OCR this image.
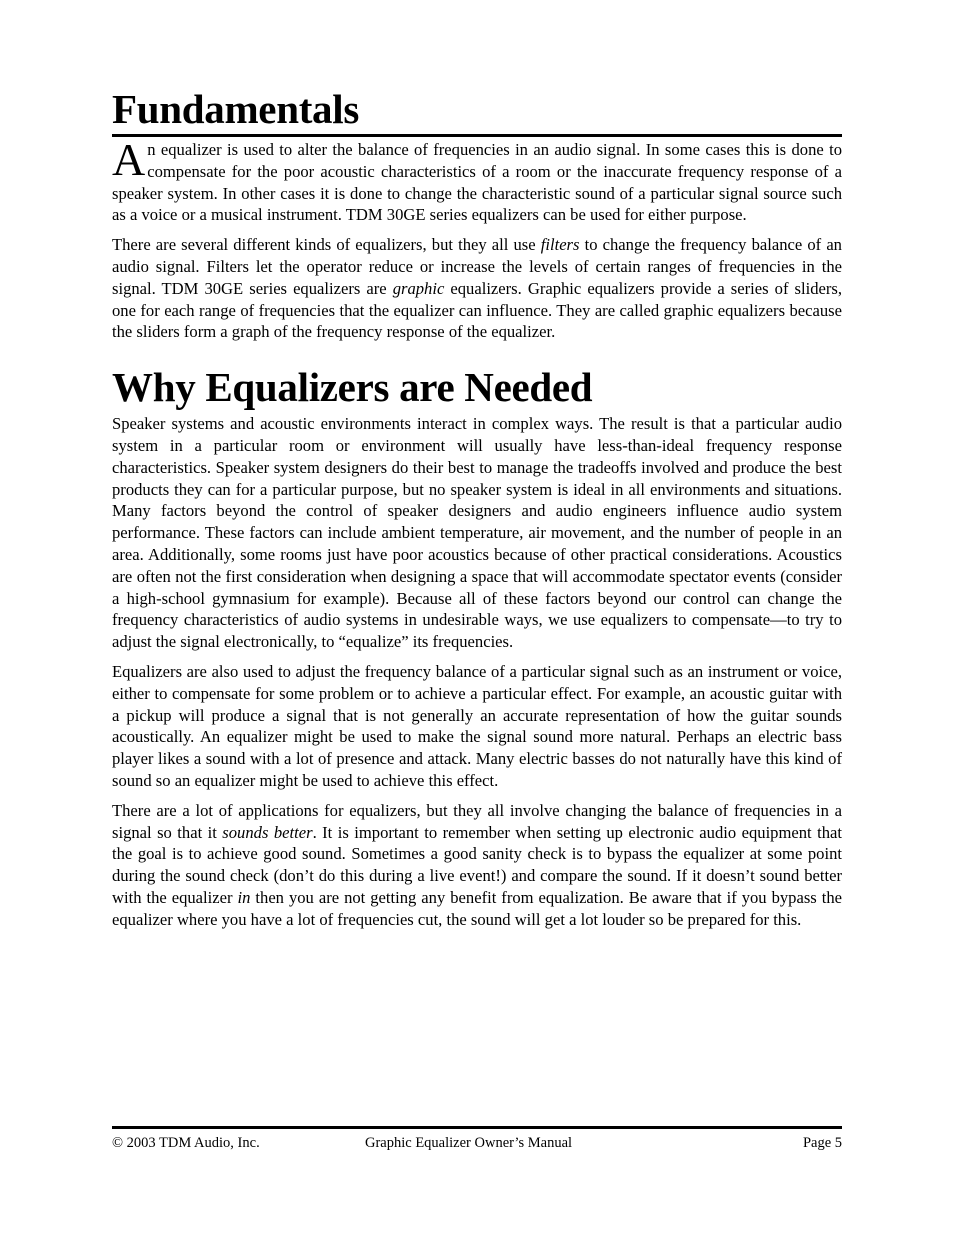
Fundamentals

An equalizer is used to alter the balance of frequencies in an audio signal. In some cases this is done to compensate for the poor acoustic characteristics of a room or the inaccurate frequency response of a speaker system. In other cases it is done to change the characteristic sound of a particular signal source such as a voice or a musical instrument. TDM 30GE series equalizers can be used for either purpose.

There are several different kinds of equalizers, but they all use filters to change the frequency balance of an audio signal. Filters let the operator reduce or increase the levels of certain ranges of frequencies in the signal. TDM 30GE series equalizers are graphic equalizers. Graphic equalizers provide a series of sliders, one for each range of frequencies that the equalizer can influence. They are called graphic equalizers because the sliders form a graph of the frequency response of the equalizer.

Why Equalizers are Needed

Speaker systems and acoustic environments interact in complex ways. The result is that a particular audio system in a particular room or environment will usually have less-than-ideal frequency response characteristics. Speaker system designers do their best to manage the tradeoffs involved and produce the best products they can for a particular purpose, but no speaker system is ideal in all environments and situations. Many factors beyond the control of speaker designers and audio engineers influence audio system performance. These factors can include ambient temperature, air movement, and the number of people in an area. Additionally, some rooms just have poor acoustics because of other practical considerations. Acoustics are often not the first consideration when designing a space that will accommodate spectator events (consider a high-school gymnasium for example). Because all of these factors beyond our control can change the frequency characteristics of audio systems in undesirable ways, we use equalizers to compensate—to try to adjust the signal electronically, to “equalize” its frequencies.

Equalizers are also used to adjust the frequency balance of a particular signal such as an instrument or voice, either to compensate for some problem or to achieve a particular effect. For example, an acoustic guitar with a pickup will produce a signal that is not generally an accurate representation of how the guitar sounds acoustically. An equalizer might be used to make the signal sound more natural. Perhaps an electric bass player likes a sound with a lot of presence and attack. Many electric basses do not naturally have this kind of sound so an equalizer might be used to achieve this effect.

There are a lot of applications for equalizers, but they all involve changing the balance of frequencies in a signal so that it sounds better. It is important to remember when setting up electronic audio equipment that the goal is to achieve good sound. Sometimes a good sanity check is to bypass the equalizer at some point during the sound check (don’t do this during a live event!) and compare the sound. If it doesn’t sound better with the equalizer in then you are not getting any benefit from equalization. Be aware that if you bypass the equalizer where you have a lot of frequencies cut, the sound will get a lot louder so be prepared for this.

© 2003 TDM Audio, Inc.	Graphic Equalizer Owner’s Manual	Page 5
